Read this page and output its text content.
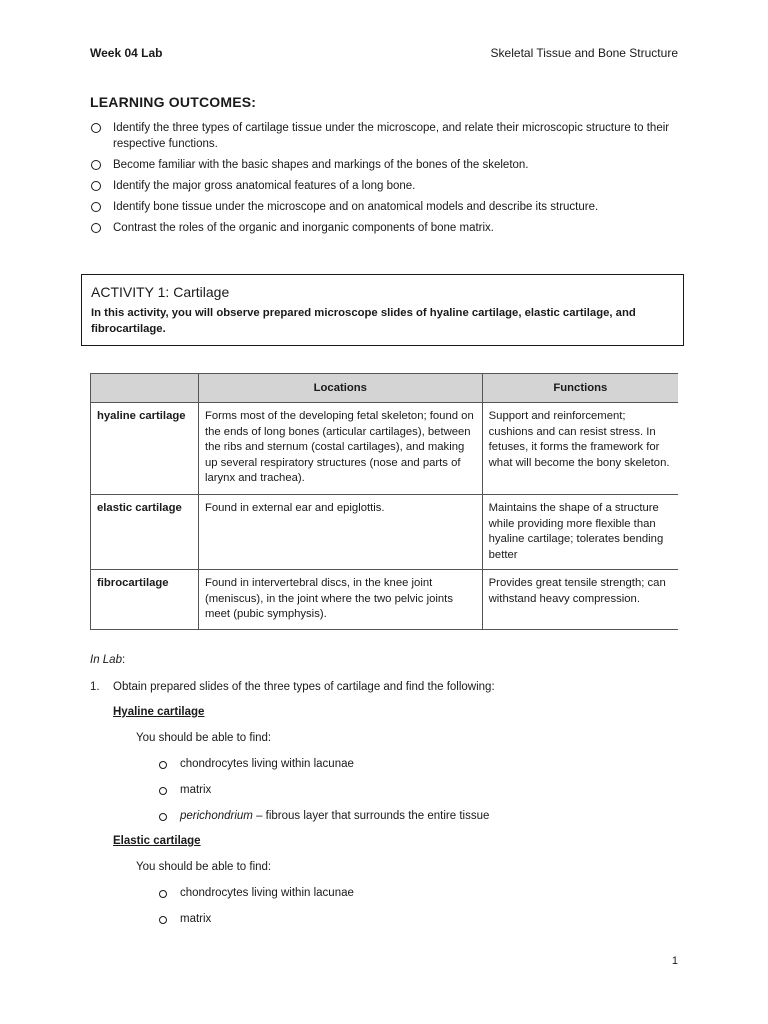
Week 04 Lab	Skeletal Tissue and Bone Structure
LEARNING OUTCOMES:
Identify the three types of cartilage tissue under the microscope, and relate their microscopic structure to their respective functions.
Become familiar with the basic shapes and markings of the bones of the skeleton.
Identify the major gross anatomical features of a long bone.
Identify bone tissue under the microscope and on anatomical models and describe its structure.
Contrast the roles of the organic and inorganic components of bone matrix.

ACTIVITY 1: Cartilage

In this activity, you will observe prepared microscope slides of hyaline cartilage, elastic cartilage, and fibrocartilage.

	Locations	Functions
hyaline cartilage	Forms most of the developing fetal skeleton; found on the ends of long bones (articular cartilages), between the ribs and sternum (costal cartilages), and making up several respiratory structures (nose and parts of larynx and trachea).	Support and reinforcement; cushions and can resist stress. In fetuses, it forms the framework for what will become the bony skeleton.
elastic cartilage	Found in external ear and epiglottis.	Maintains the shape of a structure while providing more flexible than hyaline cartilage; tolerates bending better
fibrocartilage	Found in intervertebral discs, in the knee joint (meniscus), in the joint where the two pelvic joints meet (pubic symphysis).	Provides great tensile strength; can withstand heavy compression.
In Lab:
1. Obtain prepared slides of the three types of cartilage and find the following:
Hyaline cartilage
You should be able to find:
chondrocytes living within lacunae
matrix
perichondrium – fibrous layer that surrounds the entire tissue
Elastic cartilage
You should be able to find:
chondrocytes living within lacunae
matrix
1
